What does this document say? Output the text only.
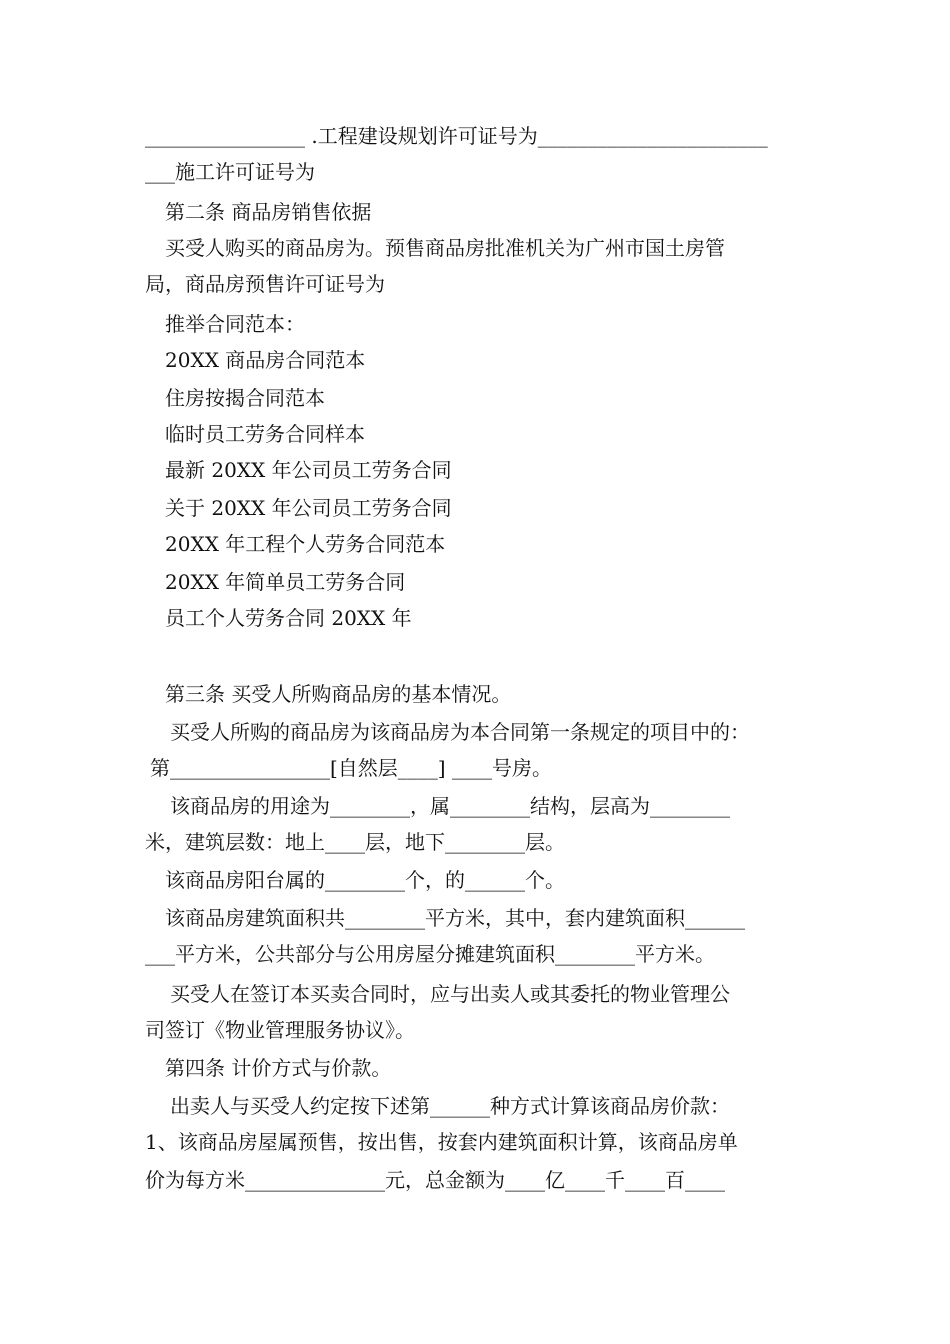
________________ .工程建设规划许可证号为_______________________
___施工许可证号为
第二条 商品房销售依据
买受人购买的商品房为。预售商品房批准机关为广州市国土房管
局，商品房预售许可证号为
推举合同范本：
20XX 商品房合同范本
住房按揭合同范本
临时员工劳务合同样本
最新 20XX 年公司员工劳务合同
关于 20XX 年公司员工劳务合同
20XX 年工程个人劳务合同范本
20XX 年简单员工劳务合同
员工个人劳务合同 20XX 年
第三条 买受人所购商品房的基本情况。
买受人所购的商品房为该商品房为本合同第一条规定的项目中的：
第________________[自然层____] ____号房。
该商品房的用途为________，属________结构，层高为________
米，建筑层数：地上____层，地下________层。
该商品房阳台属的________个，的______个。
该商品房建筑面积共________平方米，其中，套内建筑面积______
___平方米，公共部分与公用房屋分摊建筑面积________平方米。
买受人在签订本买卖合同时，应与出卖人或其委托的物业管理公
司签订《物业管理服务协议》。
第四条 计价方式与价款。
出卖人与买受人约定按下述第______种方式计算该商品房价款：
1、该商品房屋属预售，按出售，按套内建筑面积计算，该商品房单
价为每方米______________元，总金额为____亿____千____百____
